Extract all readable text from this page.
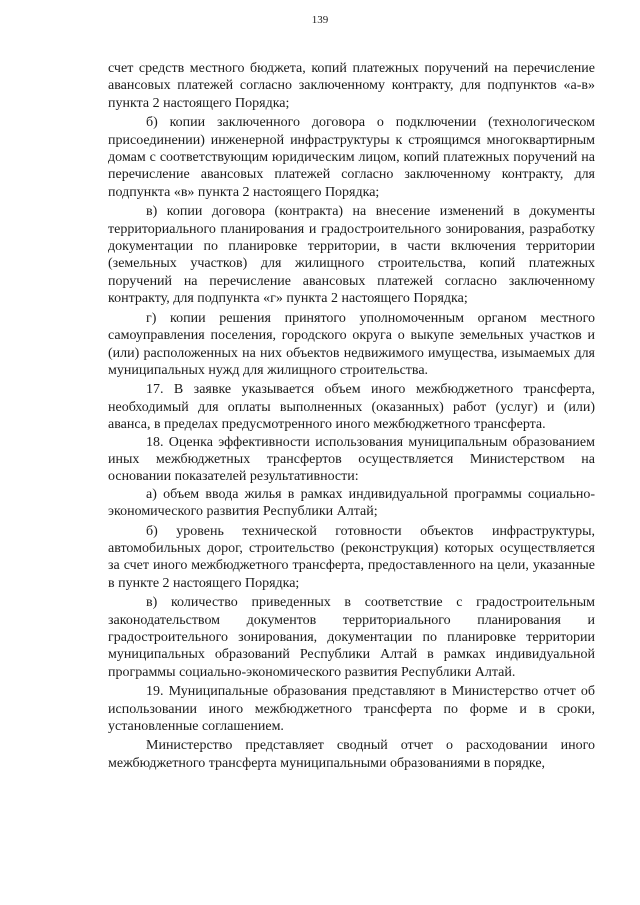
139

счет средств местного бюджета, копий платежных поручений на перечисление авансовых платежей согласно заключенному контракту, для подпунктов «а-в» пункта 2 настоящего Порядка;

б) копии заключенного договора о подключении (технологическом присоединении) инженерной инфраструктуры к строящимся многоквартирным домам с соответствующим юридическим лицом, копий платежных поручений на перечисление авансовых платежей согласно заключенному контракту, для подпункта «в» пункта 2 настоящего Порядка;

в) копии договора (контракта) на внесение изменений в документы территориального планирования и градостроительного зонирования, разработку документации по планировке территории, в части включения территории (земельных участков) для жилищного строительства, копий платежных поручений на перечисление авансовых платежей согласно заключенному контракту, для подпункта «г» пункта 2 настоящего Порядка;

г) копии решения принятого уполномоченным органом местного самоуправления поселения, городского округа о выкупе земельных участков и (или) расположенных на них объектов недвижимого имущества, изымаемых для муниципальных нужд для жилищного строительства.

17. В заявке указывается объем иного межбюджетного трансферта, необходимый для оплаты выполненных (оказанных) работ (услуг) и (или) аванса, в пределах предусмотренного иного межбюджетного трансферта.

18. Оценка эффективности использования муниципальным образованием иных межбюджетных трансфертов осуществляется Министерством на основании показателей результативности:

а) объем ввода жилья в рамках индивидуальной программы социально-экономического развития Республики Алтай;

б) уровень технической готовности объектов инфраструктуры, автомобильных дорог, строительство (реконструкция) которых осуществляется за счет иного межбюджетного трансферта, предоставленного на цели, указанные в пункте 2 настоящего Порядка;

в) количество приведенных в соответствие с градостроительным законодательством документов территориального планирования и градостроительного зонирования, документации по планировке территории муниципальных образований Республики Алтай в рамках индивидуальной программы социально-экономического развития Республики Алтай.

19. Муниципальные образования представляют в Министерство отчет об использовании иного межбюджетного трансферта по форме и в сроки, установленные соглашением.

Министерство представляет сводный отчет о расходовании иного межбюджетного трансферта муниципальными образованиями в порядке,
